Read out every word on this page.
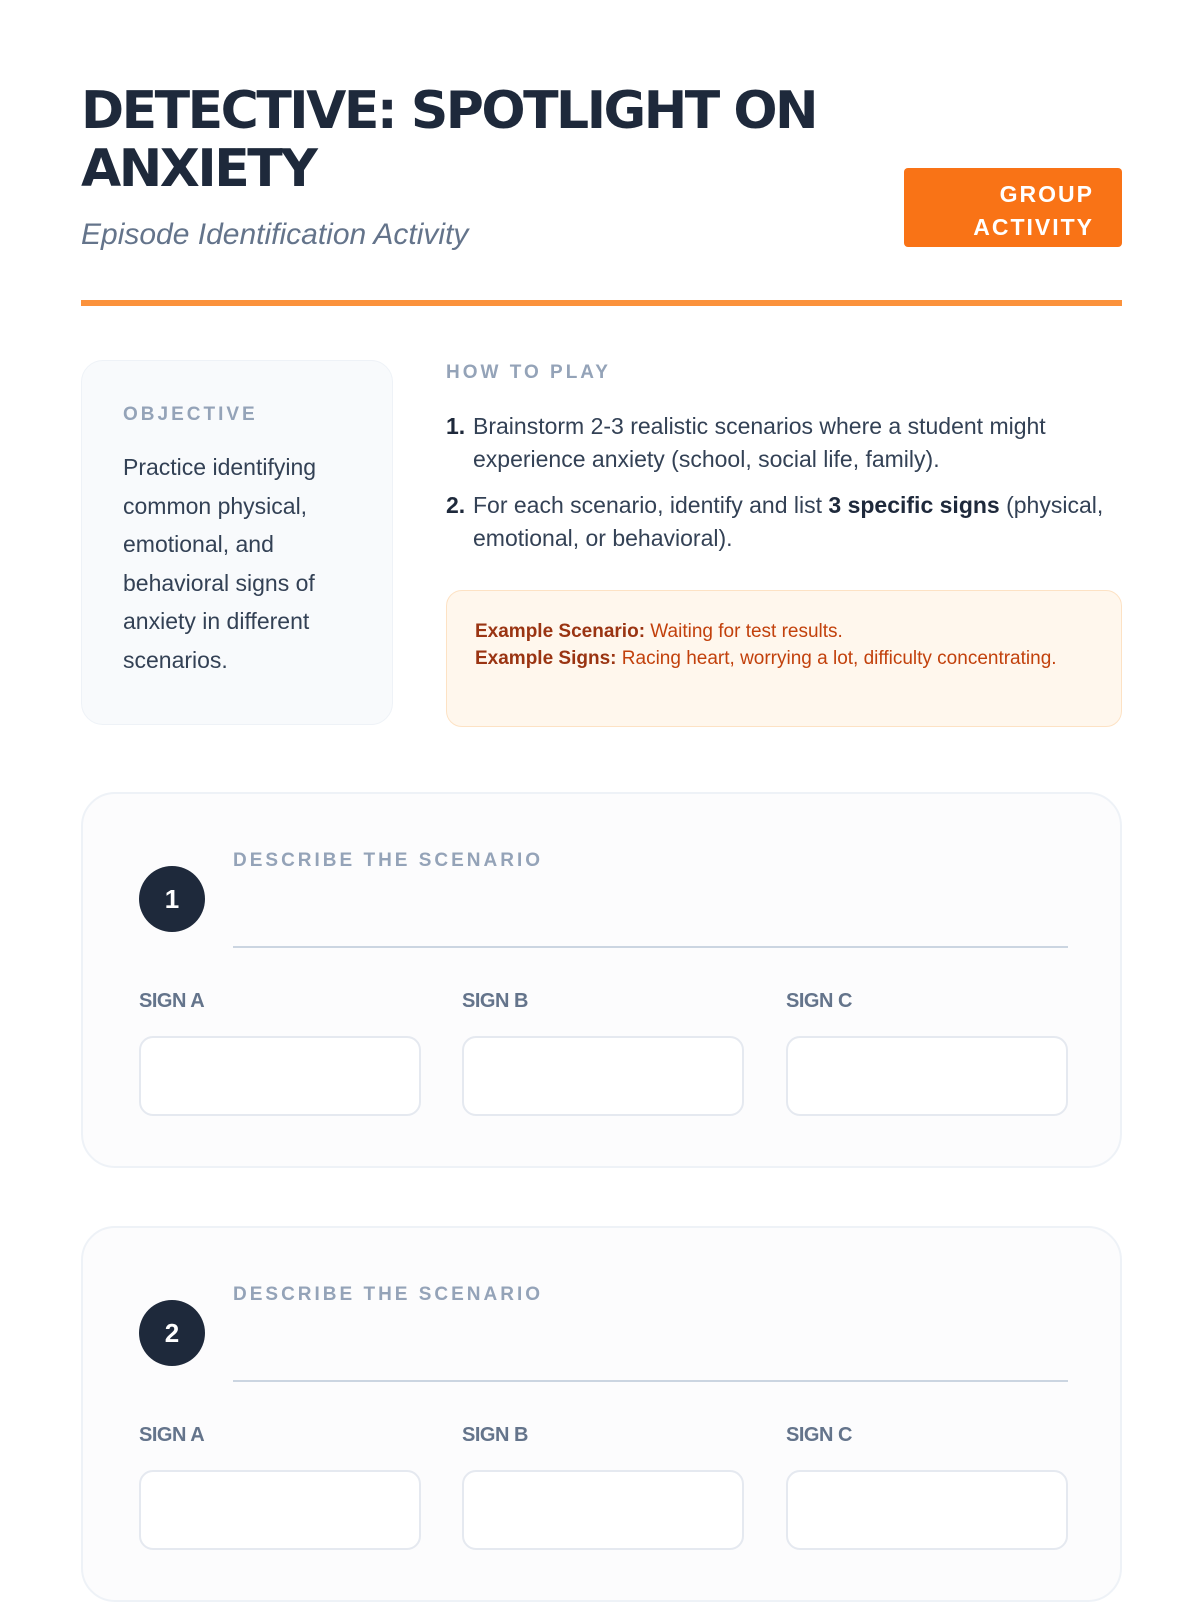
DETECTIVE: SPOTLIGHT ON ANXIETY
Episode Identification Activity
GROUP
ACTIVITY
OBJECTIVE
Practice identifying common physical, emotional, and behavioral signs of anxiety in different scenarios.
HOW TO PLAY
1. Brainstorm 2-3 realistic scenarios where a student might experience anxiety (school, social life, family).
2. For each scenario, identify and list 3 specific signs (physical, emotional, or behavioral).
Example Scenario: Waiting for test results.
Example Signs: Racing heart, worrying a lot, difficulty concentrating.
1
DESCRIBE THE SCENARIO
SIGN A	SIGN B	SIGN C
2
DESCRIBE THE SCENARIO
SIGN A	SIGN B	SIGN C
